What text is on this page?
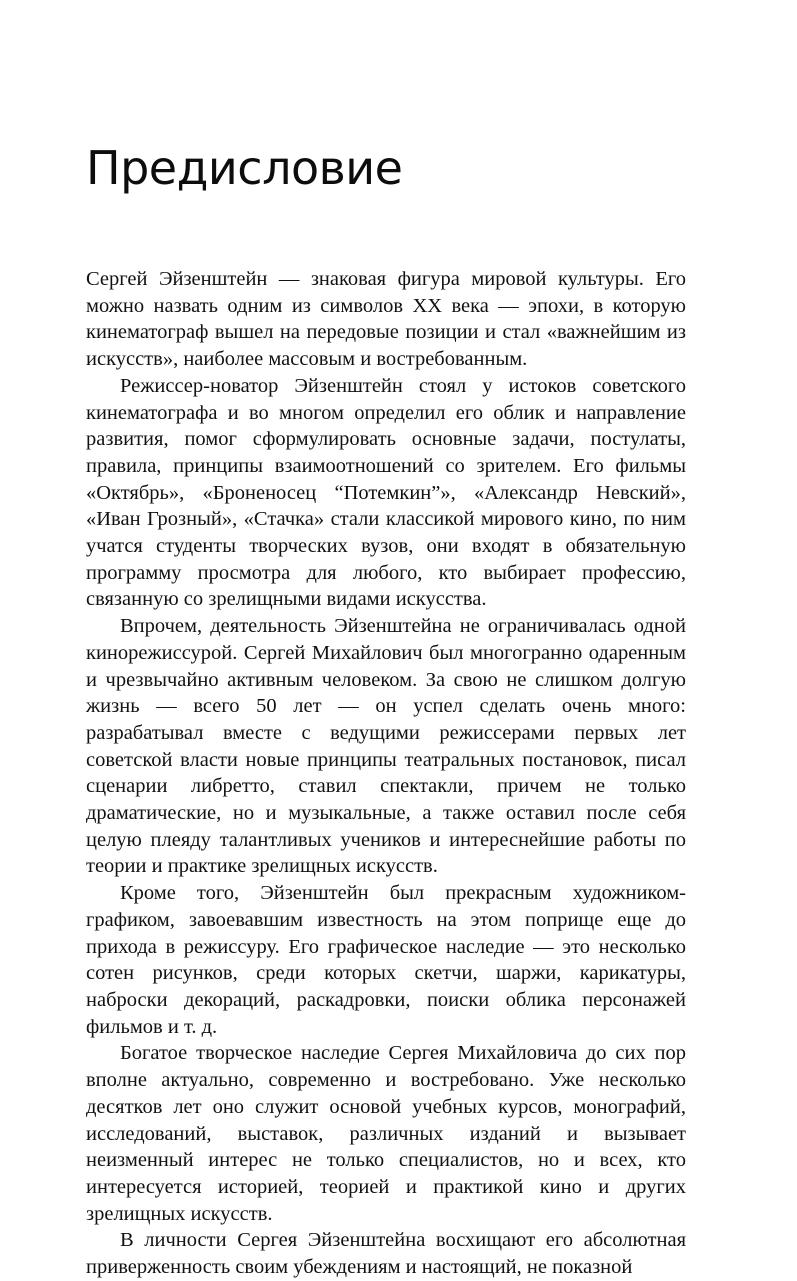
Предисловие

Сергей Эйзенштейн — знаковая фигура мировой культуры. Его можно назвать одним из символов XX века — эпохи, в которую кинематограф вышел на передовые позиции и стал «важнейшим из искусств», наиболее массовым и востребованным.

Режиссер-новатор Эйзенштейн стоял у истоков советского кинематографа и во многом определил его облик и направление развития, помог сформулировать основные задачи, постулаты, правила, принципы взаимоотношений со зрителем. Его фильмы «Октябрь», «Броненосец “Потемкин”», «Александр Невский», «Иван Грозный», «Стачка» стали классикой мирового кино, по ним учатся студенты творческих вузов, они входят в обязательную программу просмотра для любого, кто выбирает профессию, связанную со зрелищными видами искусства.

Впрочем, деятельность Эйзенштейна не ограничивалась одной кинорежиссурой. Сергей Михайлович был многогранно одаренным и чрезвычайно активным человеком. За свою не слишком долгую жизнь — всего 50 лет — он успел сделать очень много: разрабатывал вместе с ведущими режиссерами первых лет советской власти новые принципы театральных постановок, писал сценарии либретто, ставил спектакли, причем не только драматические, но и музыкальные, а также оставил после себя целую плеяду талантливых учеников и интереснейшие работы по теории и практике зрелищных искусств.

Кроме того, Эйзенштейн был прекрасным художником-графиком, завоевавшим известность на этом поприще еще до прихода в режиссуру. Его графическое наследие — это несколько сотен рисунков, среди которых скетчи, шаржи, карикатуры, наброски декораций, раскадровки, поиски облика персонажей фильмов и т. д.

Богатое творческое наследие Сергея Михайловича до сих пор вполне актуально, современно и востребовано. Уже несколько десятков лет оно служит основой учебных курсов, монографий, исследований, выставок, различных изданий и вызывает неизменный интерес не только специалистов, но и всех, кто интересуется историей, теорией и практикой кино и других зрелищных искусств.

В личности Сергея Эйзенштейна восхищают его абсолютная приверженность своим убеждениям и настоящий, не показной
